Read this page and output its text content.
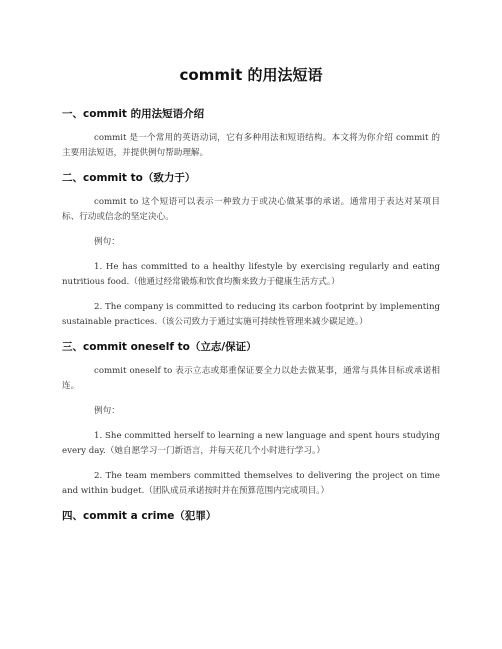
commit 的用法短语
一、commit 的用法短语介绍
commit 是一个常用的英语动词，它有多种用法和短语结构。本文将为你介绍 commit 的主要用法短语，并提供例句帮助理解。
二、commit to（致力于）
commit to 这个短语可以表示一种致力于或决心做某事的承诺。通常用于表达对某项目标、行动或信念的坚定决心。
例句：
1. He has committed to a healthy lifestyle by exercising regularly and eating nutritious food.（他通过经常锻炼和饮食均衡来致力于健康生活方式。）
2. The company is committed to reducing its carbon footprint by implementing sustainable practices.（该公司致力于通过实施可持续性管理来减少碳足迹。）
三、commit oneself to（立志/保证）
commit oneself to 表示立志或郑重保证要全力以赴去做某事，通常与具体目标或承诺相连。
例句：
1. She committed herself to learning a new language and spent hours studying every day.（她自愿学习一门新语言，并每天花几个小时进行学习。）
2. The team members committed themselves to delivering the project on time and within budget.（团队成员承诺按时并在预算范围内完成项目。）
四、commit a crime（犯罪）
